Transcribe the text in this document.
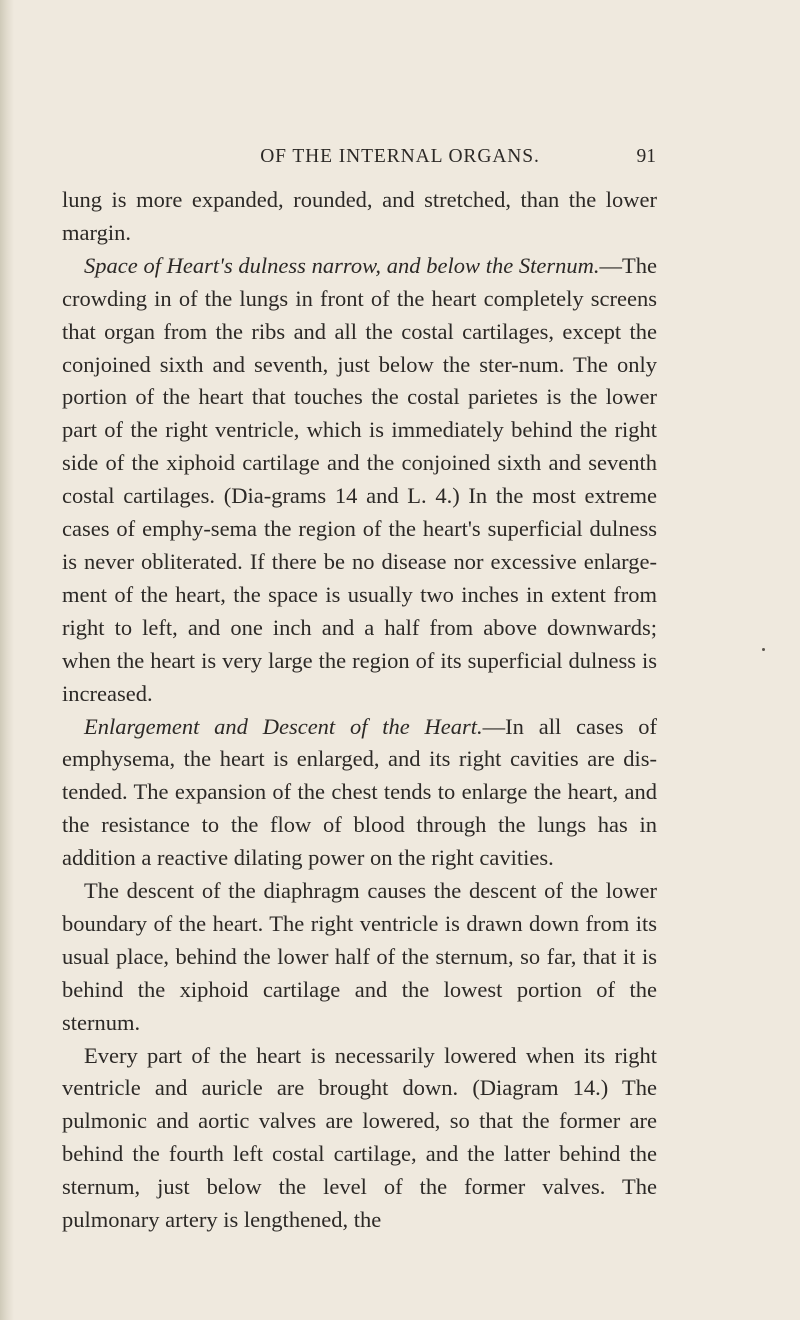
OF THE INTERNAL ORGANS.	91

lung is more expanded, rounded, and stretched, than the lower margin.

Space of Heart's dulness narrow, and below the Sternum.—The crowding in of the lungs in front of the heart completely screens that organ from the ribs and all the costal cartilages, except the conjoined sixth and seventh, just below the ster-num. The only portion of the heart that touches the costal parietes is the lower part of the right ventricle, which is immediately behind the right side of the xiphoid cartilage and the conjoined sixth and seventh costal cartilages. (Dia-grams 14 and L. 4.) In the most extreme cases of emphy-sema the region of the heart's superficial dulness is never obliterated. If there be no disease nor excessive enlarge-ment of the heart, the space is usually two inches in extent from right to left, and one inch and a half from above downwards; when the heart is very large the region of its superficial dulness is increased.

Enlargement and Descent of the Heart.—In all cases of emphysema, the heart is enlarged, and its right cavities are dis-tended. The expansion of the chest tends to enlarge the heart, and the resistance to the flow of blood through the lungs has in addition a reactive dilating power on the right cavities.

The descent of the diaphragm causes the descent of the lower boundary of the heart. The right ventricle is drawn down from its usual place, behind the lower half of the sternum, so far, that it is behind the xiphoid cartilage and the lowest portion of the sternum.

Every part of the heart is necessarily lowered when its right ventricle and auricle are brought down. (Diagram 14.) The pulmonic and aortic valves are lowered, so that the former are behind the fourth left costal cartilage, and the latter behind the sternum, just below the level of the former valves. The pulmonary artery is lengthened, the
